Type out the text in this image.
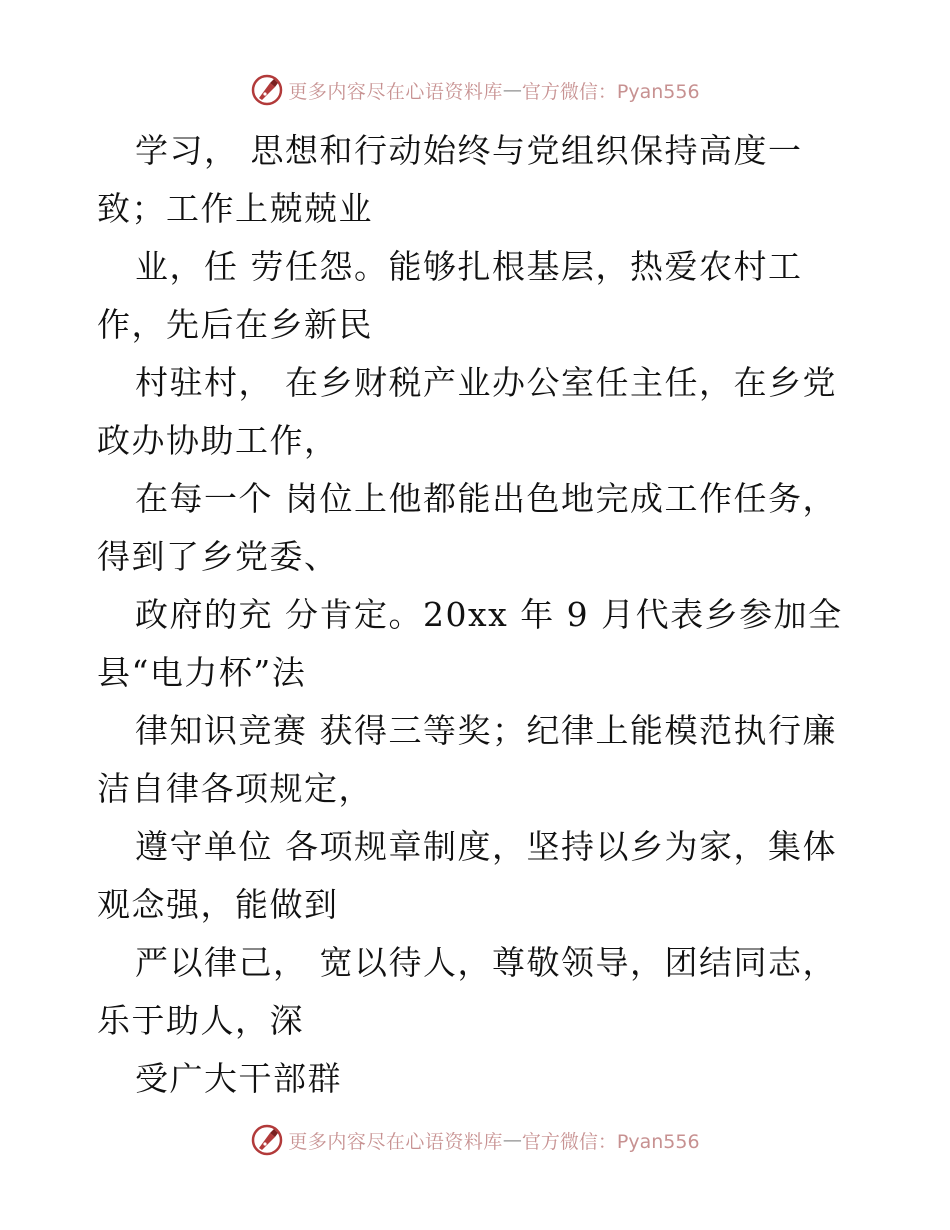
更多内容尽在心语资料库 — 官方微信：Pyan556
学习， 思想和行动始终与党组织保持高度一
致；工作上兢兢业
业，任 劳任怨。能够扎根基层，热爱农村工
作，先后在乡新民
村驻村， 在乡财税产业办公室任主任，在乡党
政办协助工作，
在每一个 岗位上他都能出色地完成工作任务，
得到了乡党委、
政府的充 分肯定。20xx 年 9 月代表乡参加全
县“电力杯”法
律知识竞赛 获得三等奖；纪律上能模范执行廉
洁自律各项规定，
遵守单位 各项规章制度，坚持以乡为家，集体
观念强，能做到
严以律己， 宽以待人，尊敬领导，团结同志，
乐于助人，深
受广大干部群
更多内容尽在心语资料库 — 官方微信：Pyan556
